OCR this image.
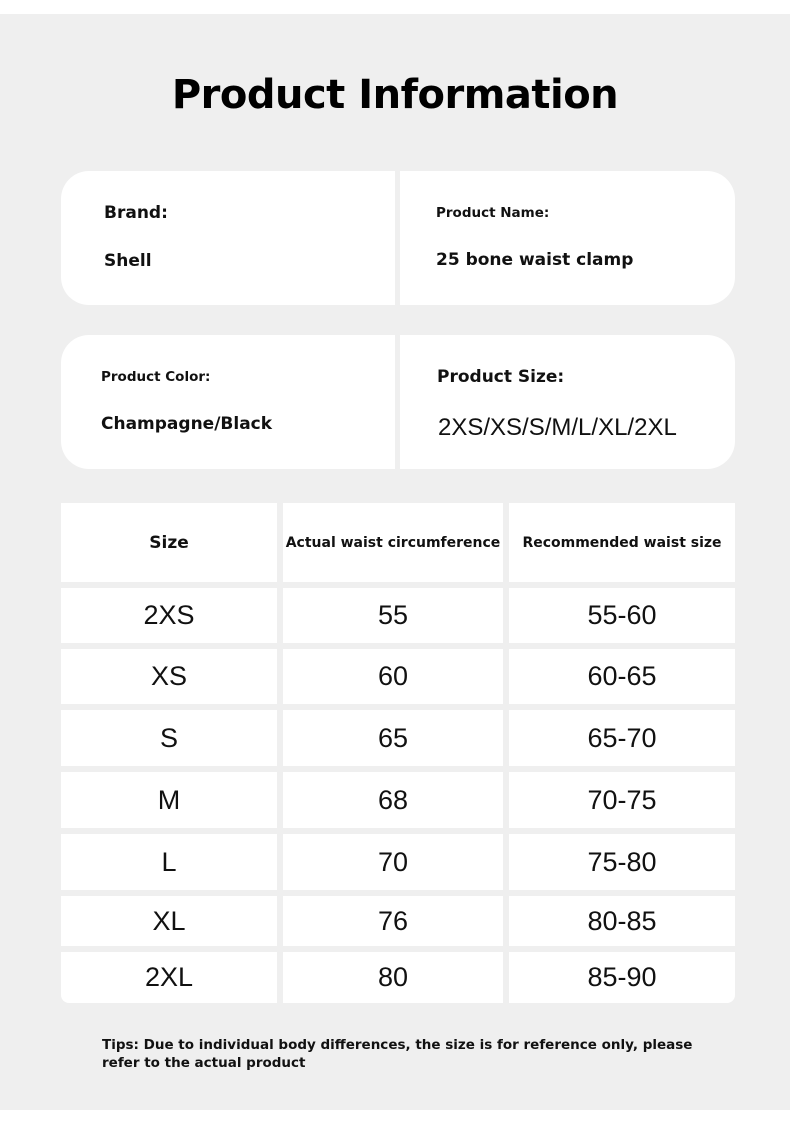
Product Information
Brand:
Shell
Product Name:
25 bone waist clamp
Product Color:
Champagne/Black
Product Size:
2XS/XS/S/M/L/XL/2XL
Size	Actual waist circumference	Recommended waist size
2XS	55	55-60
XS	60	60-65
S	65	65-70
M	68	70-75
L	70	75-80
XL	76	80-85
2XL	80	85-90
Tips: Due to individual body differences, the size is for reference only, please refer to the actual product
